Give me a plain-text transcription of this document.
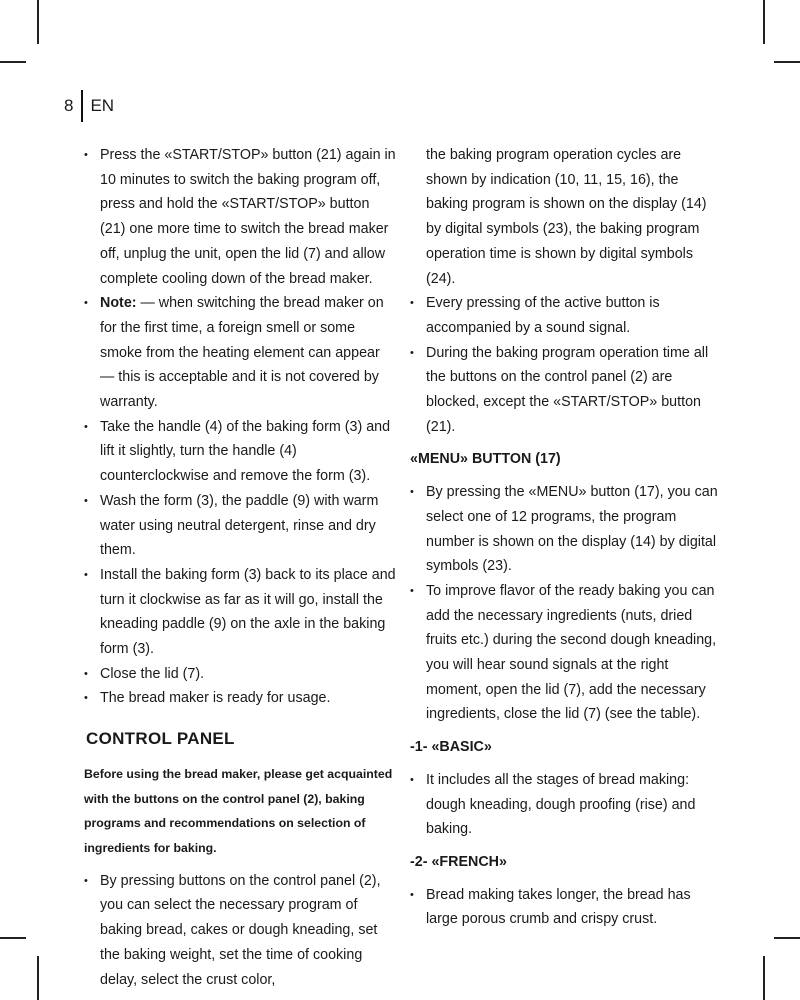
8	EN
• Press the «START/STOP» button (21) again in 10 minutes to switch the baking program off, press and hold the «START/STOP» button (21) one more time to switch the bread maker off, unplug the unit, open the lid (7) and allow complete cooling down of the bread maker.
• Note: — when switching the bread maker on for the first time, a foreign smell or some smoke from the heating element can appear — this is acceptable and it is not covered by warranty.
• Take the handle (4) of the baking form (3) and lift it slightly, turn the handle (4) counterclockwise and remove the form (3).
• Wash the form (3), the paddle (9) with warm water using neutral detergent, rinse and dry them.
• Install the baking form (3) back to its place and turn it clockwise as far as it will go, install the kneading paddle (9) on the axle in the baking form (3).
• Close the lid (7).
• The bread maker is ready for usage.
CONTROL PANEL

Before using the bread maker, please get acquainted with the buttons on the control panel (2), baking programs and recommendations on selection of ingredients for baking.

• By pressing buttons on the control panel (2), you can select the necessary program of baking bread, cakes or dough kneading, set the baking weight, set the time of cooking delay, select the crust color,
the baking program operation cycles are shown by indication (10, 11, 15, 16), the baking program is shown on the display (14) by digital symbols (23), the baking program operation time is shown by digital symbols (24).
• Every pressing of the active button is accompanied by a sound signal.
• During the baking program operation time all the buttons on the control panel (2) are blocked, except the «START/STOP» button (21).
«MENU» BUTTON (17)
• By pressing the «MENU» button (17), you can select one of 12 programs, the program number is shown on the display (14) by digital symbols (23).
• To improve flavor of the ready baking you can add the necessary ingredients (nuts, dried fruits etc.) during the second dough kneading, you will hear sound signals at the right moment, open the lid (7), add the necessary ingredients, close the lid (7) (see the table).
-1- «BASIC»
• It includes all the stages of bread making: dough kneading, dough proofing (rise) and baking.
-2- «FRENCH»
• Bread making takes longer, the bread has large porous crumb and crispy crust.
